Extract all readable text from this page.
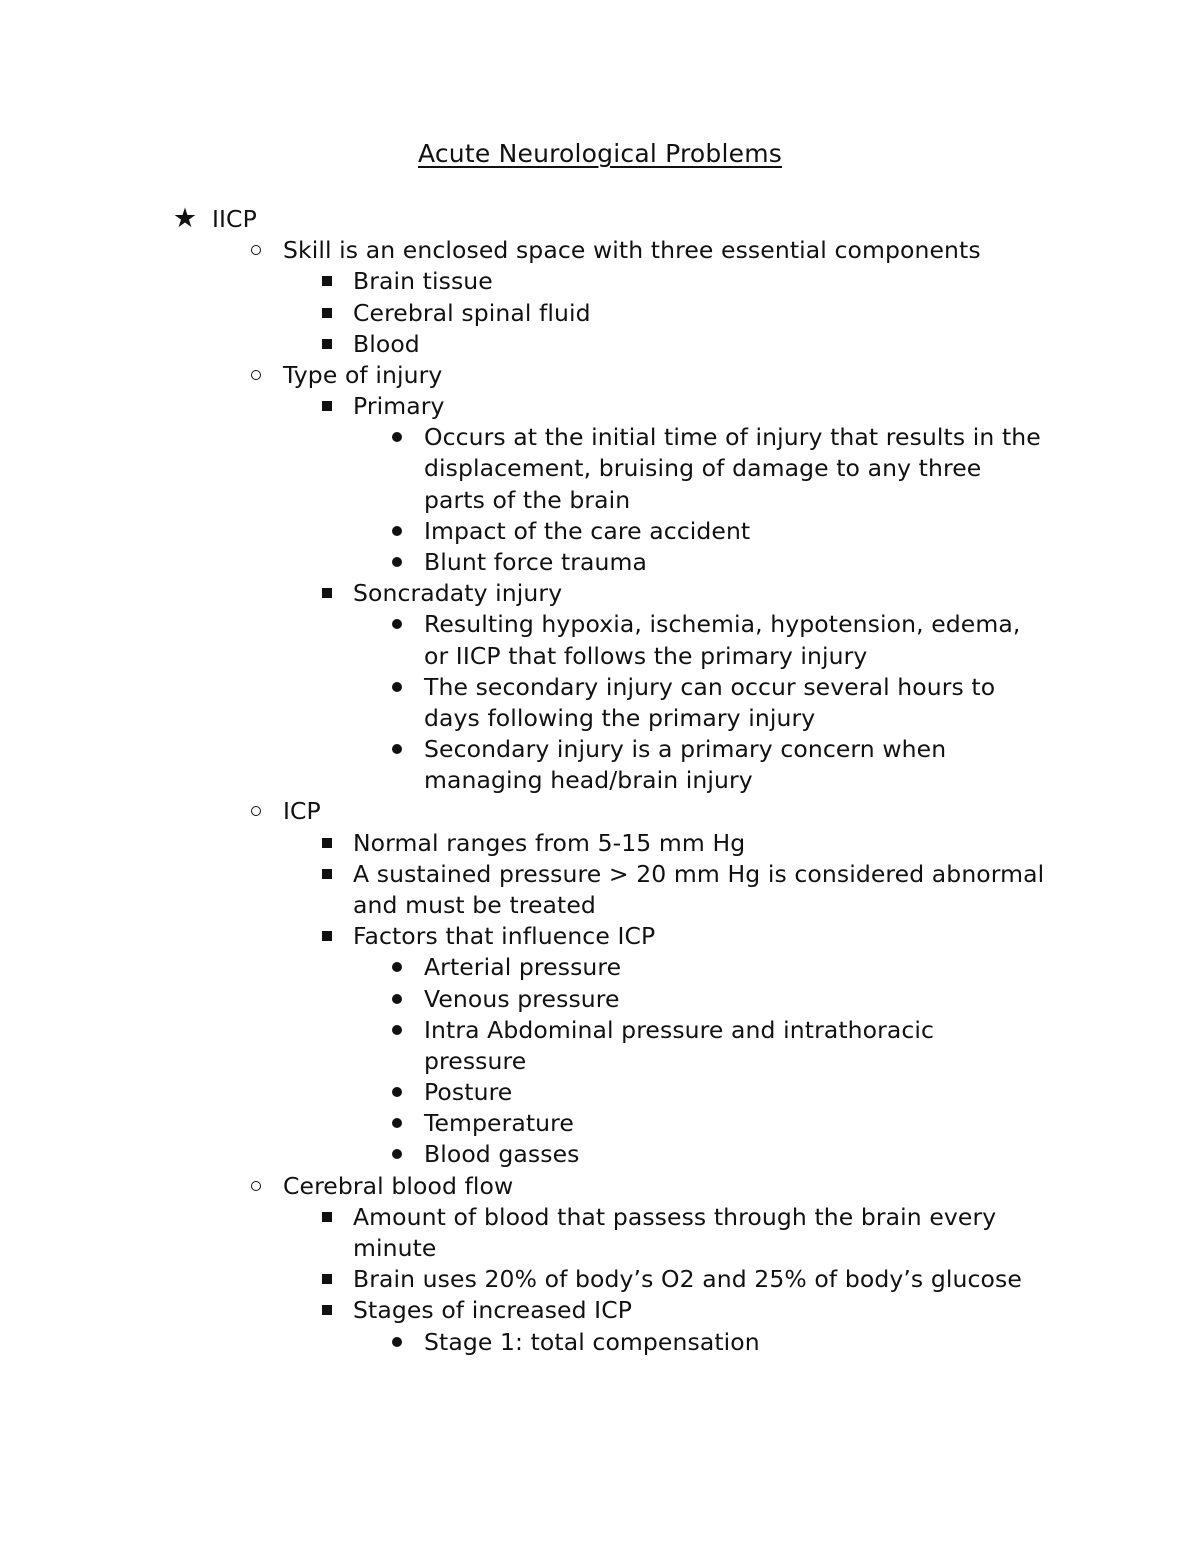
Acute Neurological Problems
★ IICP
Skill is an enclosed space with three essential components
Brain tissue
Cerebral spinal fluid
Blood
Type of injury
Primary
Occurs at the initial time of injury that results in the
displacement, bruising of damage to any three
parts of the brain
Impact of the care accident
Blunt force trauma
Soncradaty injury
Resulting hypoxia, ischemia, hypotension, edema,
or IICP that follows the primary injury
The secondary injury can occur several hours to
days following the primary injury
Secondary injury is a primary concern when
managing head/brain injury
ICP
Normal ranges from 5-15 mm Hg
A sustained pressure > 20 mm Hg is considered abnormal
and must be treated
Factors that influence ICP
Arterial pressure
Venous pressure
Intra Abdominal pressure and intrathoracic
pressure
Posture
Temperature
Blood gasses
Cerebral blood flow
Amount of blood that passess through the brain every
minute
Brain uses 20% of body’s O2 and 25% of body’s glucose
Stages of increased ICP
Stage 1: total compensation
